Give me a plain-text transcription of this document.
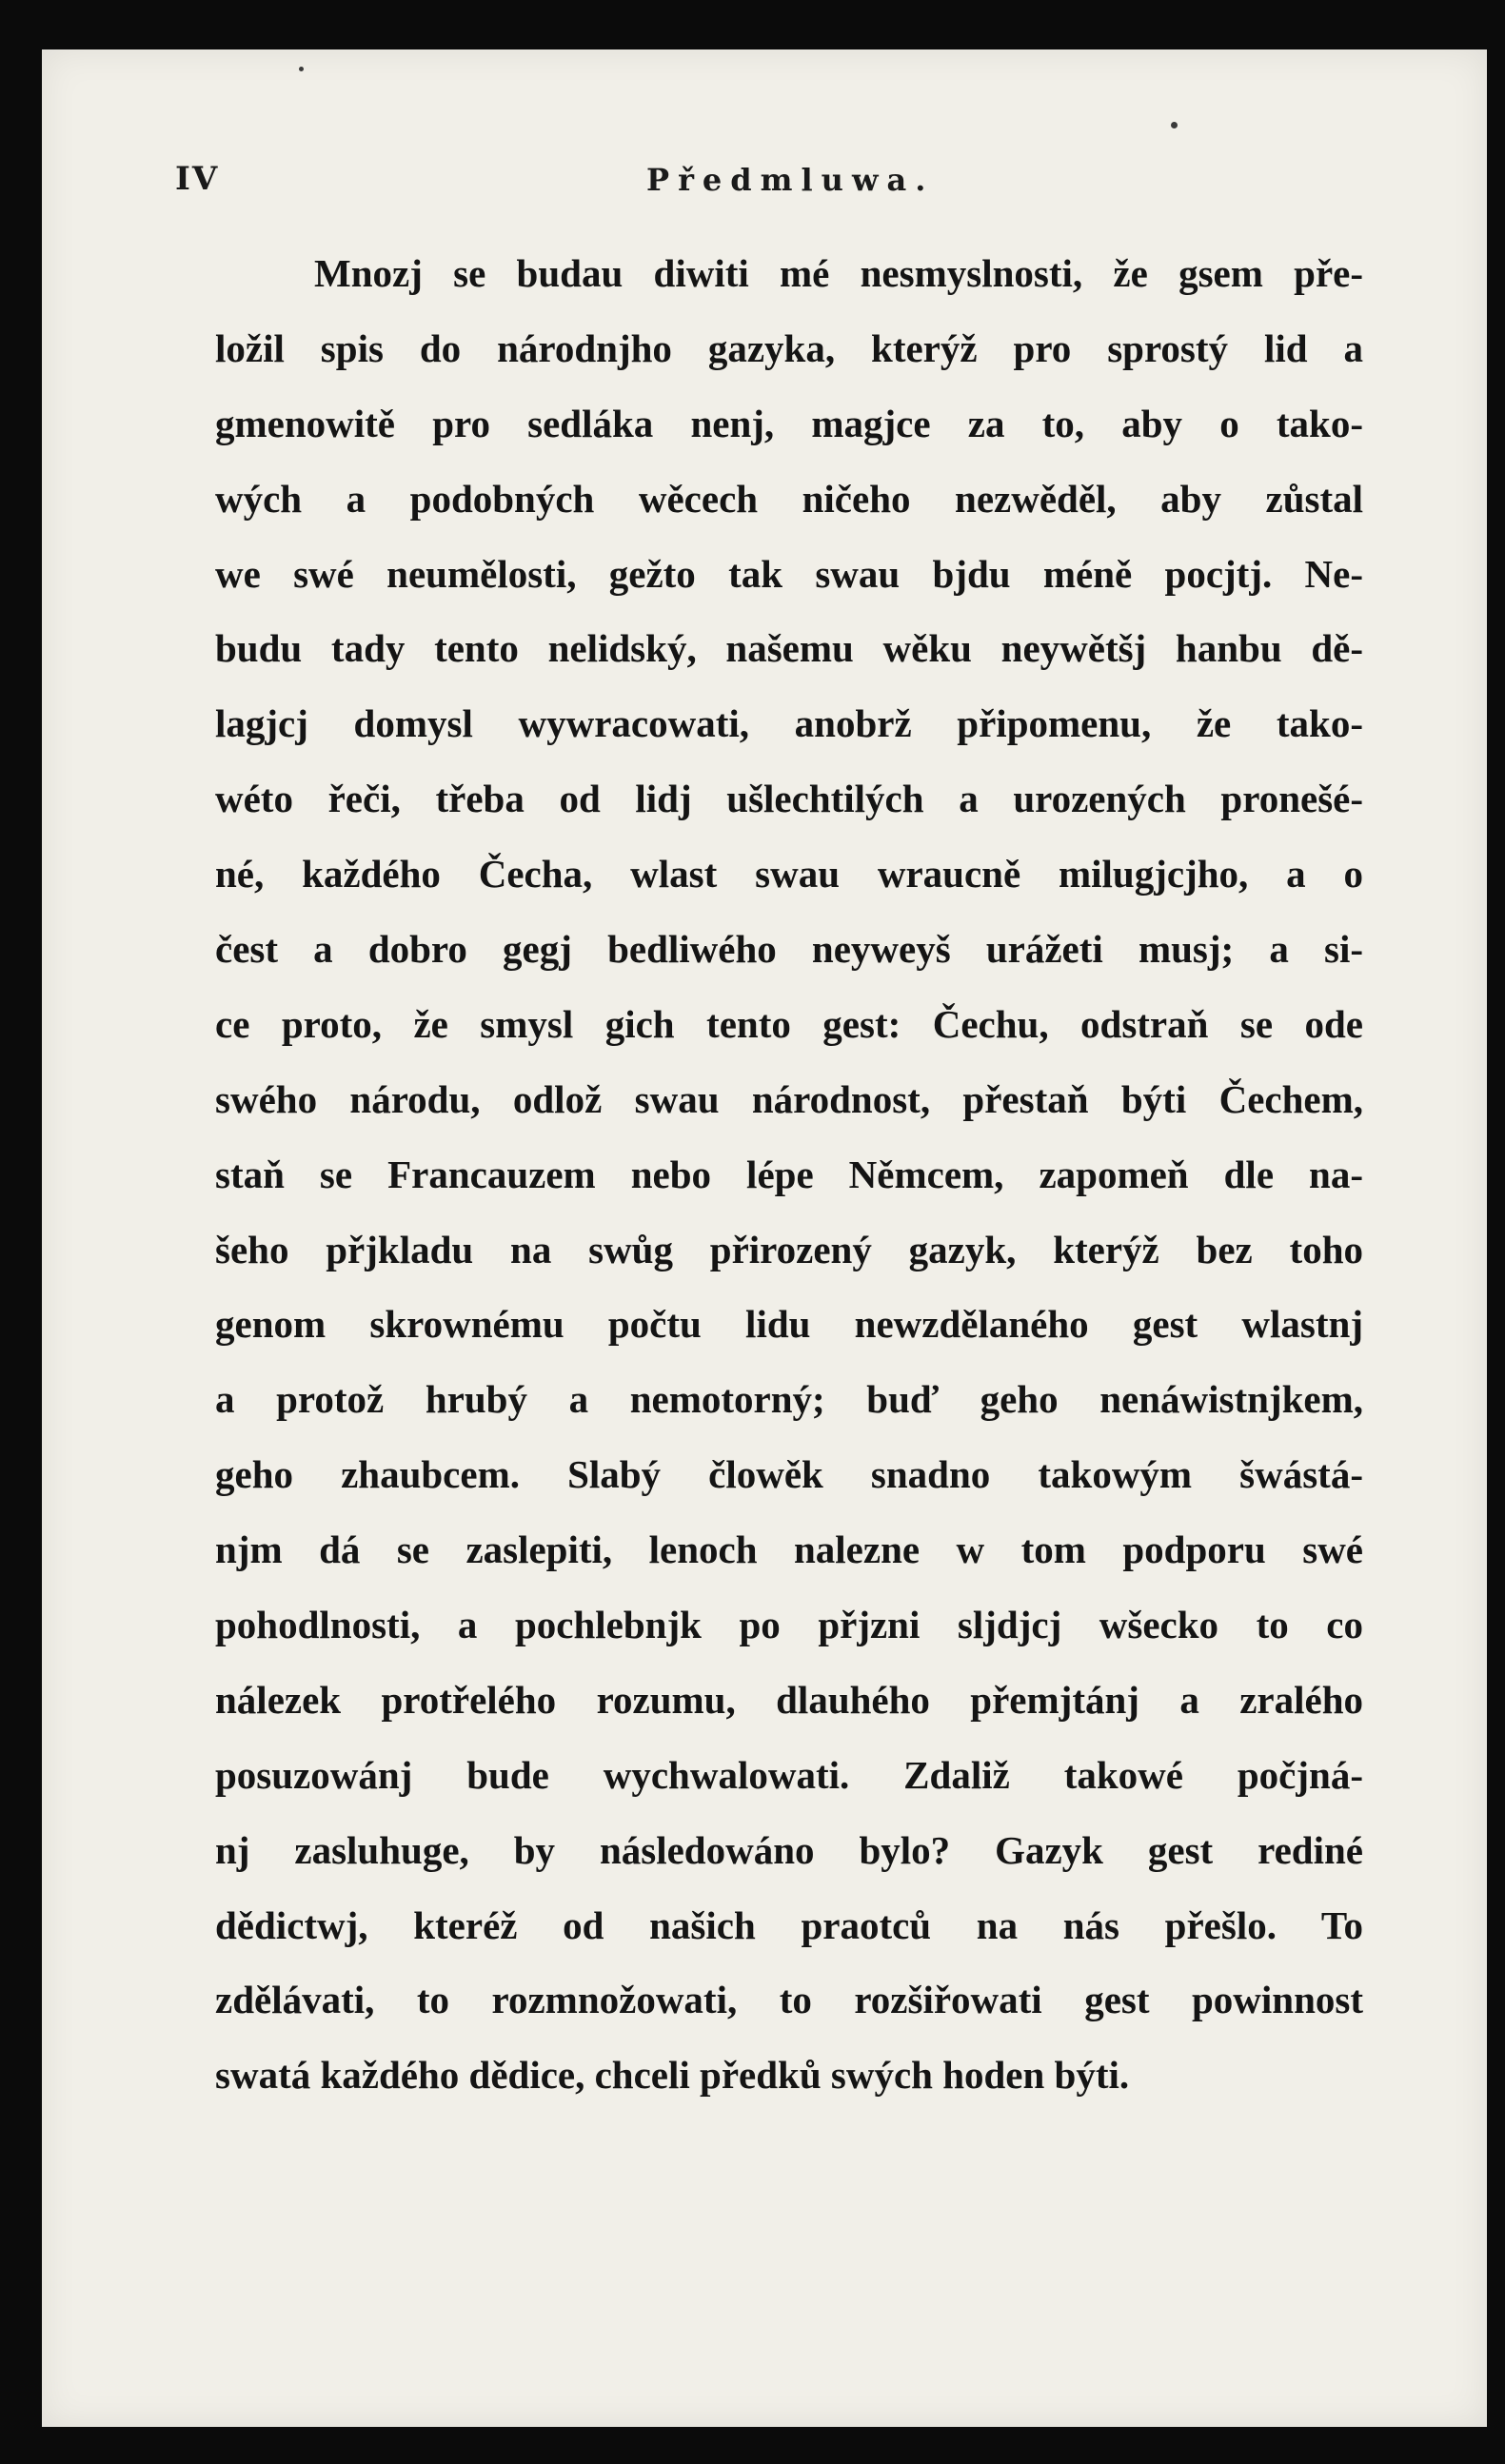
IV	Předmluwa.
Mnozj se budau diwiti mé nesmyslnosti, že gsem pře-
ložil spis do národnjho gazyka, kterýž pro sprostý lid a
gmenowitě pro sedláka nenj, magjce za to, aby o tako-
wých a podobných wěcech ničeho nezwěděl, aby zůstal
we swé neumělosti, gežto tak swau bjdu méně pocjtj. Ne-
budu tady tento nelidský, našemu wěku neywětšj hanbu dě-
lagjcj domysl wywracowati, anobrž připomenu, že tako-
wéto řeči, třeba od lidj ušlechtilých a urozených pronešé-
né, každého Čecha, wlast swau wraucně milugjcjho, a o
čest a dobro gegj bedliwého neyweyš urážeti musj; a si-
ce proto, že smysl gich tento gest: Čechu, odstraň se ode
swého národu, odlož swau národnost, přestaň býti Čechem,
staň se Francauzem nebo lépe Němcem, zapomeň dle na-
šeho přjkladu na swůg přirozený gazyk, kterýž bez toho
genom skrownému počtu lidu newzdělaného gest wlastnj
a protož hrubý a nemotorný; buď geho nenáwistnjkem,
geho zhaubcem. Slabý člowěk snadno takowým šwástá-
njm dá se zaslepiti, lenoch nalezne w tom podporu swé
pohodlnosti, a pochlebnjk po přjzni sljdjcj wšecko to co
nálezek protřelého rozumu, dlauhého přemjtánj a zralého
posuzowánj bude wychwalowati. Zdaliž takowé počjná-
nj zasluhuge, by následowáno bylo? Gazyk gest rediné
dědictwj, kteréž od našich praotců na nás přešlo. To
zdělávati, to rozmnožowati, to rozšiřowati gest powinnost
swatá každého dědice, chceli předků swých hoden býti.
